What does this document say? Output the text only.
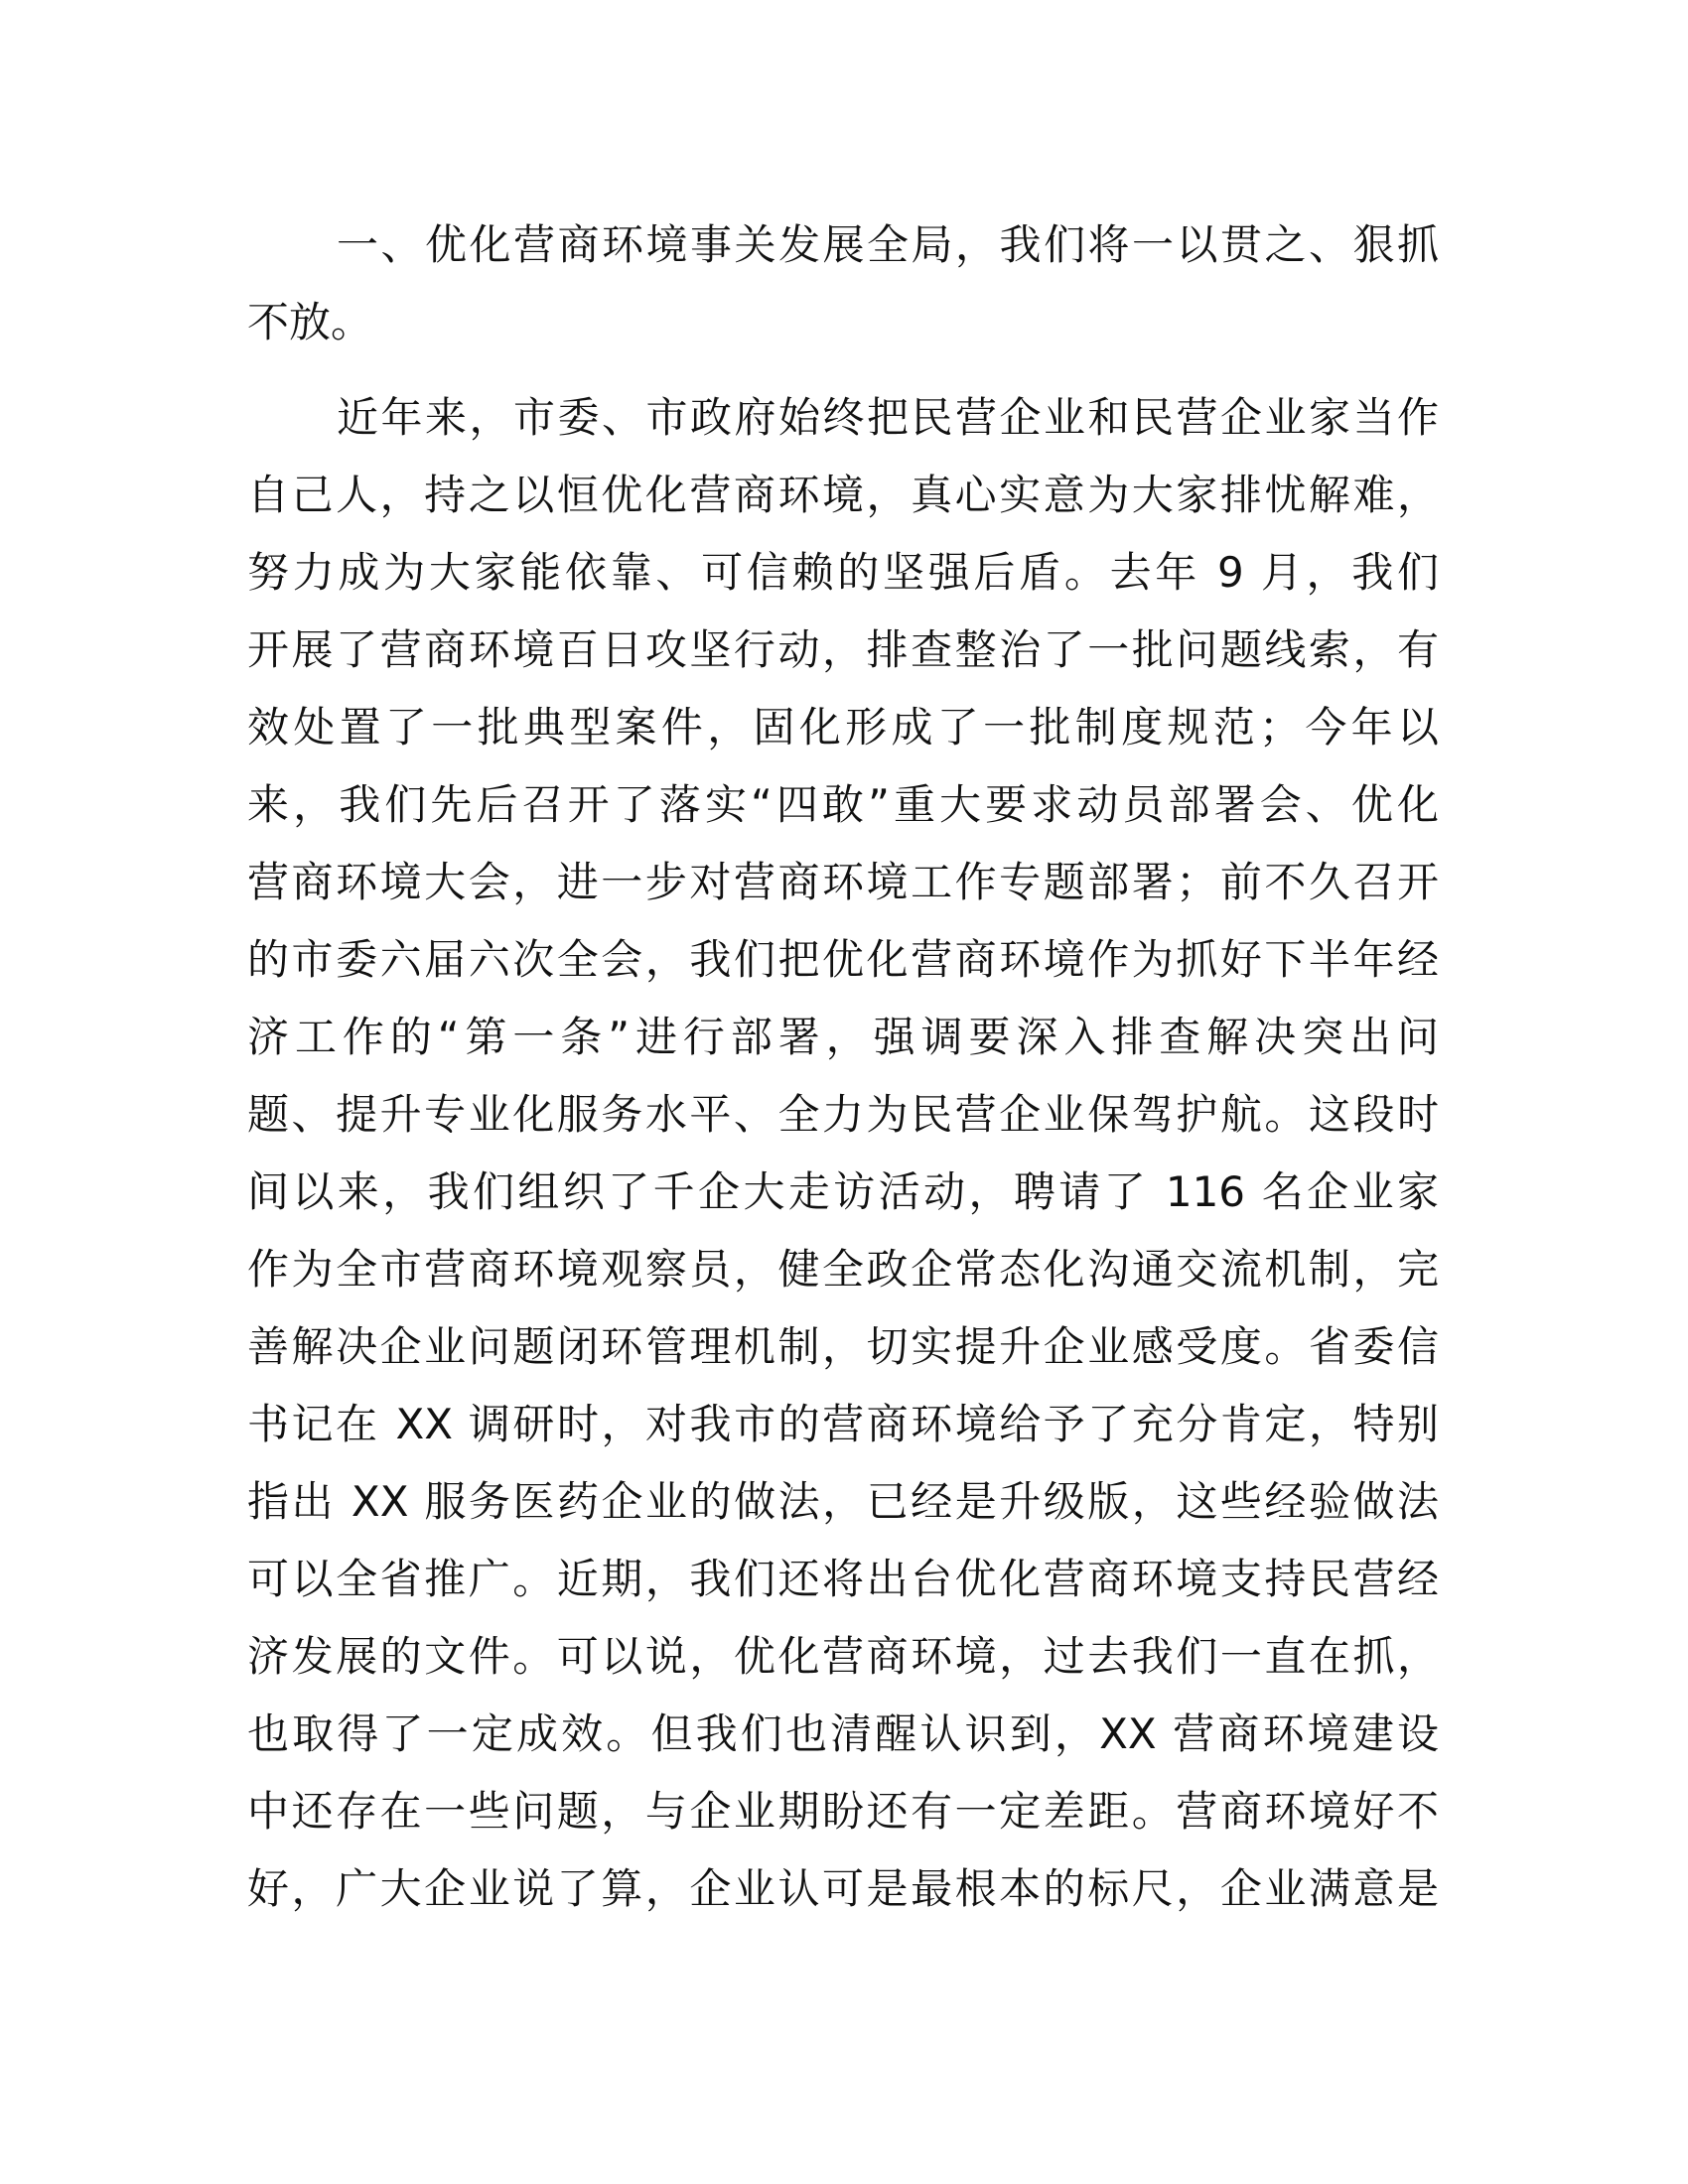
一、优化营商环境事关发展全局，我们将一以贯之、狠抓
不放。
近年来，市委、市政府始终把民营企业和民营企业家当作
自己人，持之以恒优化营商环境，真心实意为大家排忧解难，
努力成为大家能依靠、可信赖的坚强后盾。去年 9 月，我们
开展了营商环境百日攻坚行动，排查整治了一批问题线索，有
效处置了一批典型案件，固化形成了一批制度规范；今年以
来，我们先后召开了落实“四敢”重大要求动员部署会、优化
营商环境大会，进一步对营商环境工作专题部署；前不久召开
的市委六届六次全会，我们把优化营商环境作为抓好下半年经
济工作的“第一条”进行部署，强调要深入排查解决突出问
题、提升专业化服务水平、全力为民营企业保驾护航。这段时
间以来，我们组织了千企大走访活动，聘请了 116 名企业家
作为全市营商环境观察员，健全政企常态化沟通交流机制，完
善解决企业问题闭环管理机制，切实提升企业感受度。省委信
书记在 XX 调研时，对我市的营商环境给予了充分肯定，特别
指出 XX 服务医药企业的做法，已经是升级版，这些经验做法
可以全省推广。近期，我们还将出台优化营商环境支持民营经
济发展的文件。可以说，优化营商环境，过去我们一直在抓，
也取得了一定成效。但我们也清醒认识到，XX 营商环境建设
中还存在一些问题，与企业期盼还有一定差距。营商环境好不
好，广大企业说了算，企业认可是最根本的标尺，企业满意是
